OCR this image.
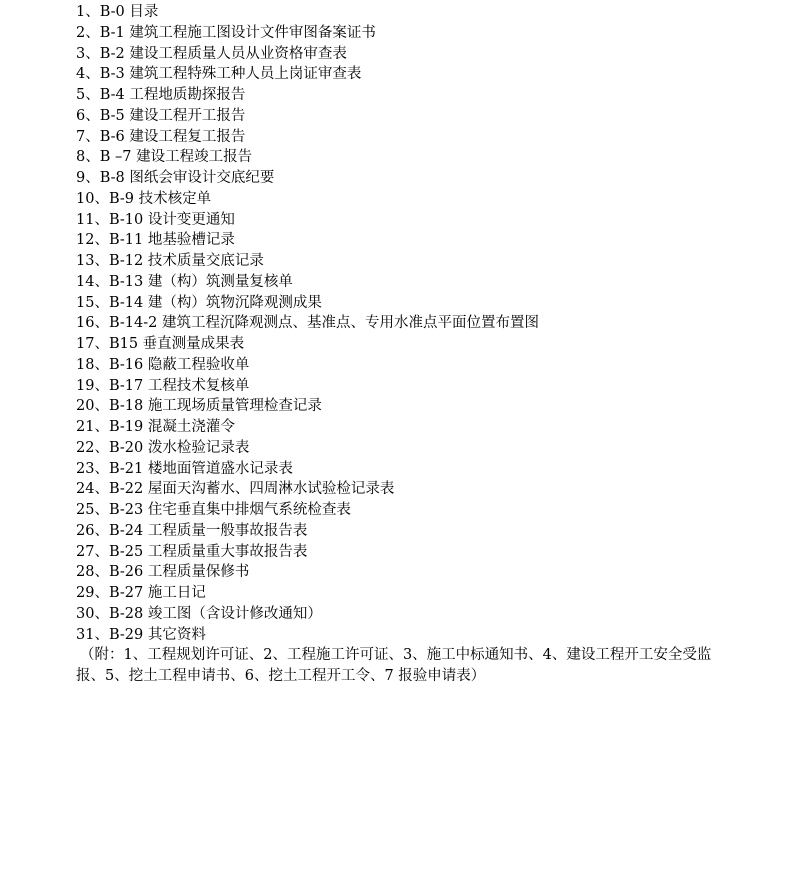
1、B-0 目录
2、B-1 建筑工程施工图设计文件审图备案证书
3、B-2 建设工程质量人员从业资格审查表
4、B-3 建筑工程特殊工种人员上岗证审查表
5、B-4 工程地质勘探报告
6、B-5 建设工程开工报告
7、B-6 建设工程复工报告
8、B –7 建设工程竣工报告
9、B-8 图纸会审设计交底纪要
10、B-9 技术核定单
11、B-10 设计变更通知
12、B-11 地基验槽记录
13、B-12 技术质量交底记录
14、B-13 建（构）筑测量复核单
15、B-14 建（构）筑物沉降观测成果
16、B-14-2 建筑工程沉降观测点、基准点、专用水准点平面位置布置图
17、B15 垂直测量成果表
18、B-16 隐蔽工程验收单
19、B-17 工程技术复核单
20、B-18 施工现场质量管理检查记录
21、B-19 混凝土浇灌令
22、B-20 泼水检验记录表
23、B-21 楼地面管道盛水记录表
24、B-22 屋面天沟蓄水、四周淋水试验检记录表
25、B-23 住宅垂直集中排烟气系统检查表
26、B-24 工程质量一般事故报告表
27、B-25 工程质量重大事故报告表
28、B-26 工程质量保修书
29、B-27 施工日记
30、B-28 竣工图（含设计修改通知）
31、B-29 其它资料

（附：1、工程规划许可证、2、工程施工许可证、3、施工中标通知书、4、建设工程开工安全受监报、5、挖土工程申请书、6、挖土工程开工令、7 报验申请表）
